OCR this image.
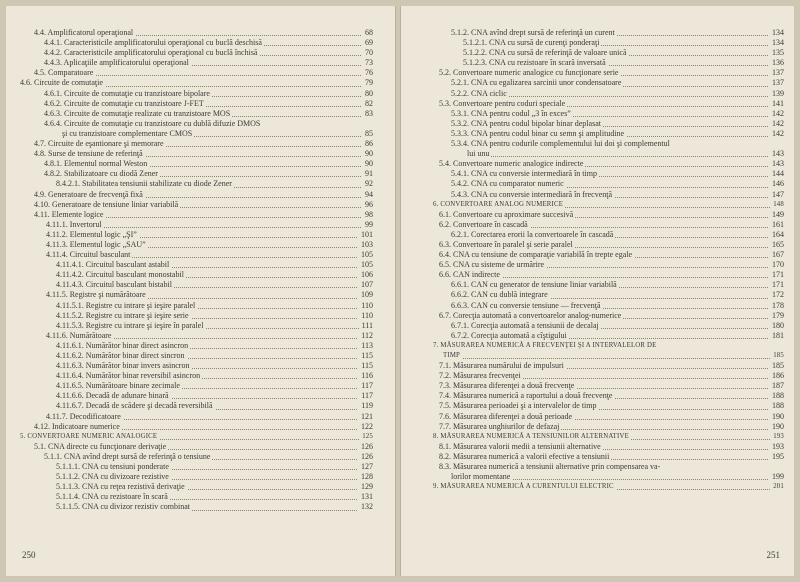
4.4. Amplificatorul operaţional	68
4.4.1. Caracteristicile amplificatorului operaţional cu buclă deschisă	69
4.4.2. Caracteristicile amplificatorului operaţional cu buclă închisă	70
4.4.3. Aplicaţiile amplificatorului operaţional	73
4.5. Comparatoare	76
4.6. Circuite de comutaţie	79
4.6.1. Circuite de comutaţie cu tranzistoare bipolare	80
4.6.2. Circuite de comutaţie cu tranzistoare J-FET	82
4.6.3. Circuite de comutaţie realizate cu tranzistoare MOS	83
4.6.4. Circuite de comutaţie cu tranzistoare cu dublă difuzie DMOS
şi cu tranzistoare complementare CMOS	85
4.7. Circuite de eşantionare şi memorare	86
4.8. Surse de tensiune de referinţă	90
4.8.1. Elementul normal Weston	90
4.8.2. Stabilizatoare cu diodă Zener	91
8.4.2.1. Stabilitatea tensiunii stabilizate cu diode Zener	92
4.9. Generatoare de frecvenţă fixă	94
4.10. Generatoare de tensiune liniar variabilă	96
4.11. Elemente logice	98
4.11.1. Invertorul	99
4.11.2. Elementul logic „ŞI”	101
4.11.3. Elementul logic „SAU”	103
4.11.4. Circuitul basculant	105
4.11.4.1. Circuitul basculant astabil	105
4.11.4.2. Circuitul basculant monostabil	106
4.11.4.3. Circuitul basculant bistabil	107
4.11.5. Registre şi numărătoare	109
4.11.5.1. Registre cu intrare şi ieşire paralel	110
4.11.5.2. Registre cu intrare şi ieşire serie	110
4.11.5.3. Registre cu intrare şi ieşire în paralel	111
4.11.6. Numărătoare	112
4.11.6.1. Numărător binar direct asincron	113
4.11.6.2. Numărător binar direct sincron	115
4.11.6.3. Numărător binar invers asincron	115
4.11.6.4. Numărător binar reversibil asincron	116
4.11.6.5. Numărătoare binare zecimale	117
4.11.6.6. Decadă de adunare binară	117
4.11.6.7. Decadă de scădere şi decadă reversibilă	119
4.11.7. Decodificatoare	121
4.12. Indicatoare numerice	122
5. CONVERTOARE NUMERIC ANALOGICE	125
5.1. CNA directe cu funcţionare derivaţie	126
5.1.1. CNA avînd drept sursă de referinţă o tensiune	126
5.1.1.1. CNA cu tensiuni ponderate	127
5.1.1.2. CNA cu divizoare rezistive	128
5.1.1.3. CNA cu reţea rezistivă derivaţie	129
5.1.1.4. CNA cu rezistoare în scară	131
5.1.1.5. CNA cu divizor rezistiv combinat	132
250
5.1.2. CNA avînd drept sursă de referinţă un curent	134
5.1.2.1. CNA cu sursă de curenţi ponderaţi	134
5.1.2.2. CNA cu sursă de referinţă de valoare unică	135
5.1.2.3. CNA cu rezistoare în scară inversată	136
5.2. Convertoare numeric analogice cu funcţionare serie	137
5.2.1. CNA cu egalizarea sarcinii unor condensatoare	137
5.2.2. CNA ciclic	139
5.3. Convertoare pentru coduri speciale	141
5.3.1. CNA pentru codul „3 în exces”	142
5.3.2. CNA pentru codul bipolar binar deplasat	142
5.3.3. CNA pentru codul binar cu semn şi amplitudine	142
5.3.4. CNA pentru codurile complementului lui doi şi complementul
lui unu	143
5.4. Convertoare numeric analogice indirecte	143
5.4.1. CNA cu conversie intermediară în timp	144
5.4.2. CNA cu comparator numeric	146
5.4.3. CNA cu conversie intermediară în frecvenţă	147
6. CONVERTOARE ANALOG NUMERICE	148
6.1. Convertoare cu aproximare succesivă	149
6.2. Convertoare în cascadă	161
6.2.1. Corectarea erorii la convertoarele în cascadă	164
6.3. Convertoare în paralel şi serie paralel	165
6.4. CNA cu tensiune de comparaţie variabilă în trepte egale	167
6.5. CNA cu sisteme de urmărire	170
6.6. CAN indirecte	171
6.6.1. CAN cu generator de tensiune liniar variabilă	171
6.6.2. CAN cu dublă integrare	172
6.6.3. CAN cu conversie tensiune — frecvenţă	178
6.7. Corecţia automată a convertoarelor analog-numerice	179
6.7.1. Corecţia automată a tensiunii de decalaj	180
6.7.2. Corecţia automată a cîştigului	181
7. MĂSURAREA NUMERICĂ A FRECVENŢEI ŞI A INTERVALELOR DE
TIMP	185
7.1. Măsurarea numărului de impulsuri	185
7.2. Măsurarea frecvenţei	186
7.3. Măsurarea diferenţei a două frecvenţe	187
7.4. Măsurarea numerică a raportului a două frecvenţe	188
7.5. Măsurarea perioadei şi a intervalelor de timp	188
7.6. Măsurarea diferenţei a două perioade	190
7.7. Măsurarea unghiurilor de defazaj	190
8. MĂSURAREA NUMERICĂ A TENSIUNILOR ALTERNATIVE	193
8.1. Măsurarea valorii medii a tensiunii alternative	193
8.2. Măsurarea numerică a valorii efective a tensiunii	195
8.3. Măsurarea numerică a tensiunii alternative prin compensarea va-
lorilor momentane	199
9. MĂSURAREA NUMERICĂ A CURENTULUI ELECTRIC	201
251
